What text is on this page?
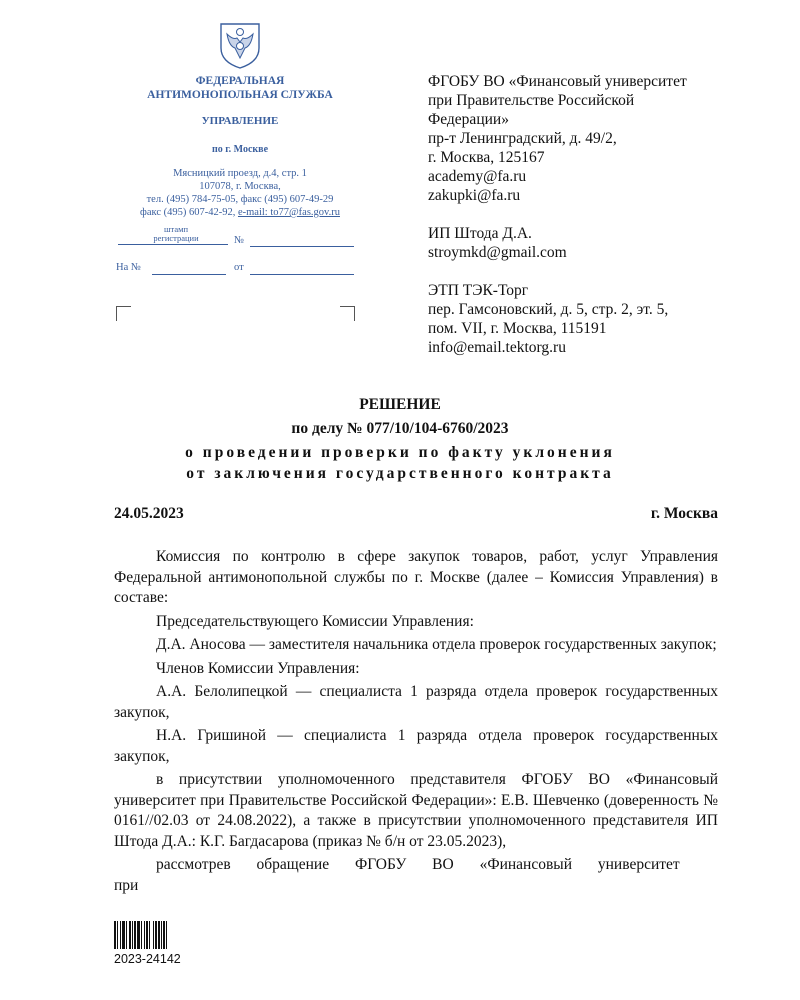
ФЕДЕРАЛЬНАЯ
АНТИМОНОПОЛЬНАЯ СЛУЖБА
УПРАВЛЕНИЕ
по г. Москве
Мясницкий проезд, д.4, стр. 1
107078, г. Москва,
тел. (495) 784-75-05, факс (495) 607-49-29
факс (495) 607-42-92, e-mail: to77@fas.gov.ru
штамп
регистрации	№
На №	от
ФГОБУ ВО «Финансовый университет
при Правительстве Российской
Федерации»
пр-т Ленинградский, д. 49/2,
г. Москва, 125167
academy@fa.ru
zakupki@fa.ru
ИП Штода Д.А.
stroymkd@gmail.com
ЭТП ТЭК-Торг
пер. Гамсоновский, д. 5, стр. 2, эт. 5,
пом. VII, г. Москва, 115191
info@email.tektorg.ru
РЕШЕНИЕ
по делу № 077/10/104-6760/2023
о проведении проверки по факту уклонения
от заключения государственного контракта
24.05.2023	г. Москва

Комиссия по контролю в сфере закупок товаров, работ, услуг Управления Федеральной антимонопольной службы по г. Москве (далее – Комиссия Управления) в составе:

Председательствующего Комиссии Управления:

Д.А. Аносова — заместителя начальника отдела проверок государственных закупок;

Членов Комиссии Управления:

А.А. Белолипецкой — специалиста 1 разряда отдела проверок государственных закупок,

Н.А. Гришиной — специалиста 1 разряда отдела проверок государственных закупок,

в присутствии уполномоченного представителя ФГОБУ ВО «Финансовый университет при Правительстве Российской Федерации»: Е.В. Шевченко (доверенность № 0161//02.03 от 24.08.2022), а также в присутствии уполномоченного представителя ИП Штода Д.А.: К.Г. Багдасарова (приказ № б/н от 23.05.2023),

рассмотрев обращение ФГОБУ ВО «Финансовый университет при

2023-24142
